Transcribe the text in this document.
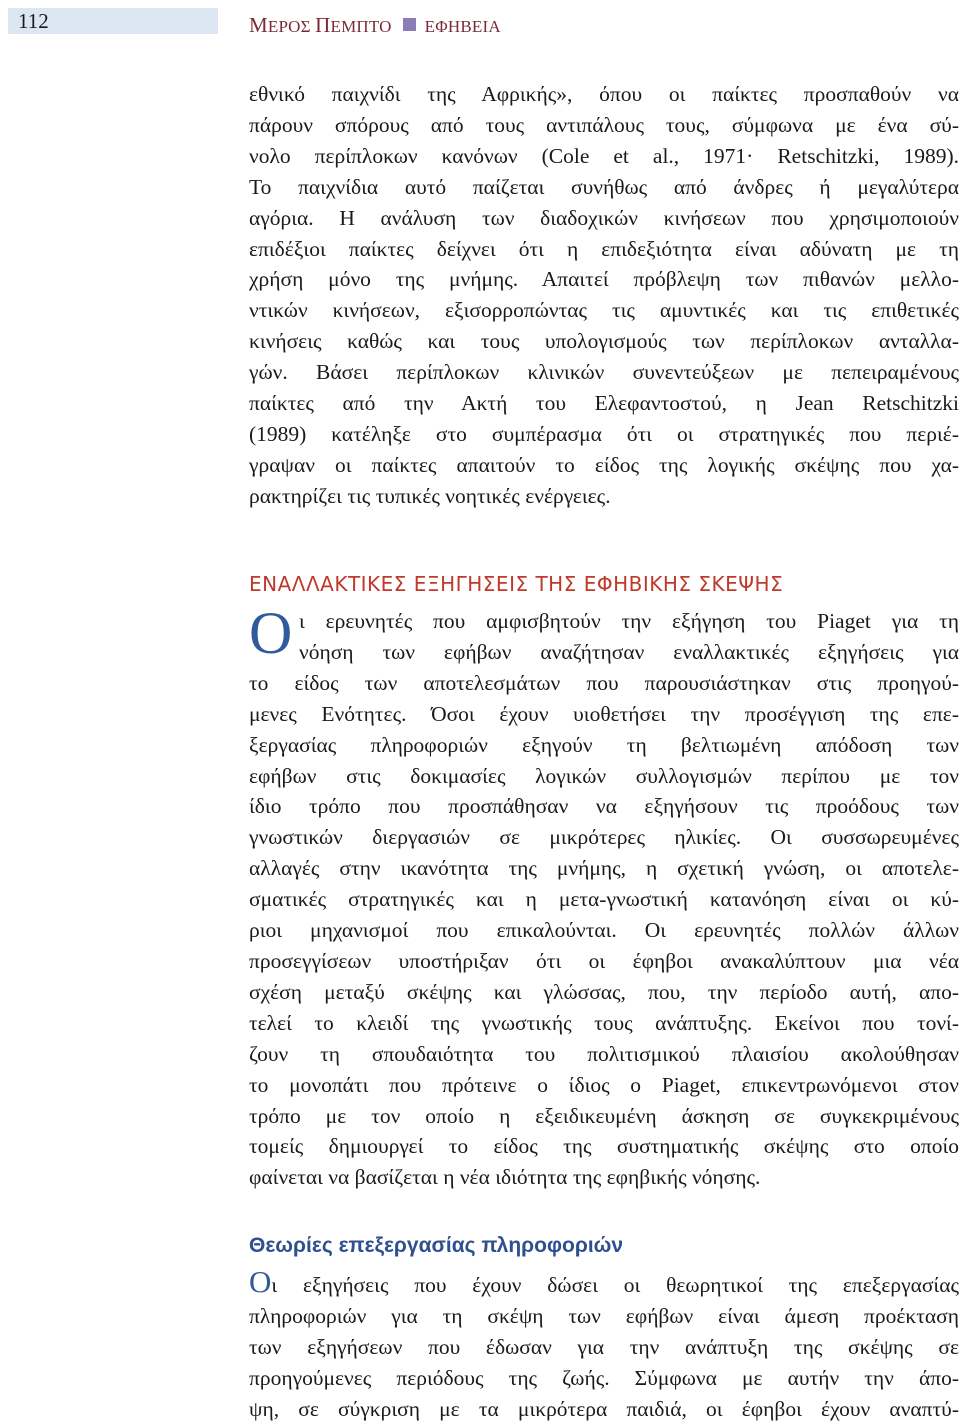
112	ΜΕΡΟΣ ΠΕΜΠΤΟ ΕΦΗΒΕΙΑ
εθνικό παιχνίδι της Αφρικής», όπου οι παίκτες προσπαθούν να
πάρουν σπόρους από τους αντιπάλους τους, σύμφωνα με ένα σύ-
νολο περίπλοκων κανόνων (Cole et al., 1971· Retschitzki, 1989).
Το παιχνίδια αυτό παίζεται συνήθως από άνδρες ή μεγαλύτερα
αγόρια. Η ανάλυση των διαδοχικών κινήσεων που χρησιμοποιούν
επιδέξιοι παίκτες δείχνει ότι η επιδεξιότητα είναι αδύνατη με τη
χρήση μόνο της μνήμης. Απαιτεί πρόβλεψη των πιθανών μελλο-
ντικών κινήσεων, εξισορροπώντας τις αμυντικές και τις επιθετικές
κινήσεις καθώς και τους υπολογισμούς των περίπλοκων ανταλλα-
γών. Βάσει περίπλοκων κλινικών συνεντεύξεων με πεπειραμένους
παίκτες από την Ακτή του Ελεφαντοστού, η Jean Retschitzki
(1989) κατέληξε στο συμπέρασμα ότι οι στρατηγικές που περιέ-
γραψαν οι παίκτες απαιτούν το είδος της λογικής σκέψης που χα-
ρακτηρίζει τις τυπικές νοητικές ενέργειες.
ΕΝΑΛΛΑΚΤΙΚΕΣ ΕΞΗΓΗΣΕΙΣ ΤΗΣ ΕΦΗΒΙΚΗΣ ΣΚΕΨΗΣ
Ο ι ερευνητές που αμφισβητούν την εξήγηση του Piaget για τη
νόηση των εφήβων αναζήτησαν εναλλακτικές εξηγήσεις για
το είδος των αποτελεσμάτων που παρουσιάστηκαν στις προηγού-
μενες Ενότητες. Όσοι έχουν υιοθετήσει την προσέγγιση της επε-
ξεργασίας πληροφοριών εξηγούν τη βελτιωμένη απόδοση των
εφήβων στις δοκιμασίες λογικών συλλογισμών περίπου με τον
ίδιο τρόπο που προσπάθησαν να εξηγήσουν τις προόδους των
γνωστικών διεργασιών σε μικρότερες ηλικίες. Οι συσσωρευμένες
αλλαγές στην ικανότητα της μνήμης, η σχετική γνώση, οι αποτελε-
σματικές στρατηγικές και η μετα-γνωστική κατανόηση είναι οι κύ-
ριοι μηχανισμοί που επικαλούνται. Οι ερευνητές πολλών άλλων
προσεγγίσεων υποστήριξαν ότι οι έφηβοι ανακαλύπτουν μια νέα
σχέση μεταξύ σκέψης και γλώσσας, που, την περίοδο αυτή, απο-
τελεί το κλειδί της γνωστικής τους ανάπτυξης. Εκείνοι που τονί-
ζουν τη σπουδαιότητα του πολιτισμικού πλαισίου ακολούθησαν
το μονοπάτι που πρότεινε ο ίδιος ο Piaget, επικεντρωνόμενοι στον
τρόπο με τον οποίο η εξειδικευμένη άσκηση σε συγκεκριμένους
τομείς δημιουργεί το είδος της συστηματικής σκέψης στο οποίο
φαίνεται να βασίζεται η νέα ιδιότητα της εφηβικής νόησης.
Θεωρίες επεξεργασίας πληροφοριών
Οι εξηγήσεις που έχουν δώσει οι θεωρητικοί της επεξεργασίας
πληροφοριών για τη σκέψη των εφήβων είναι άμεση προέκταση
των εξηγήσεων που έδωσαν για την ανάπτυξη της σκέψης σε
προηγούμενες περιόδους της ζωής. Σύμφωνα με αυτήν την άπο-
ψη, σε σύγκριση με τα μικρότερα παιδιά, οι έφηβοι έχουν αναπτύ-
